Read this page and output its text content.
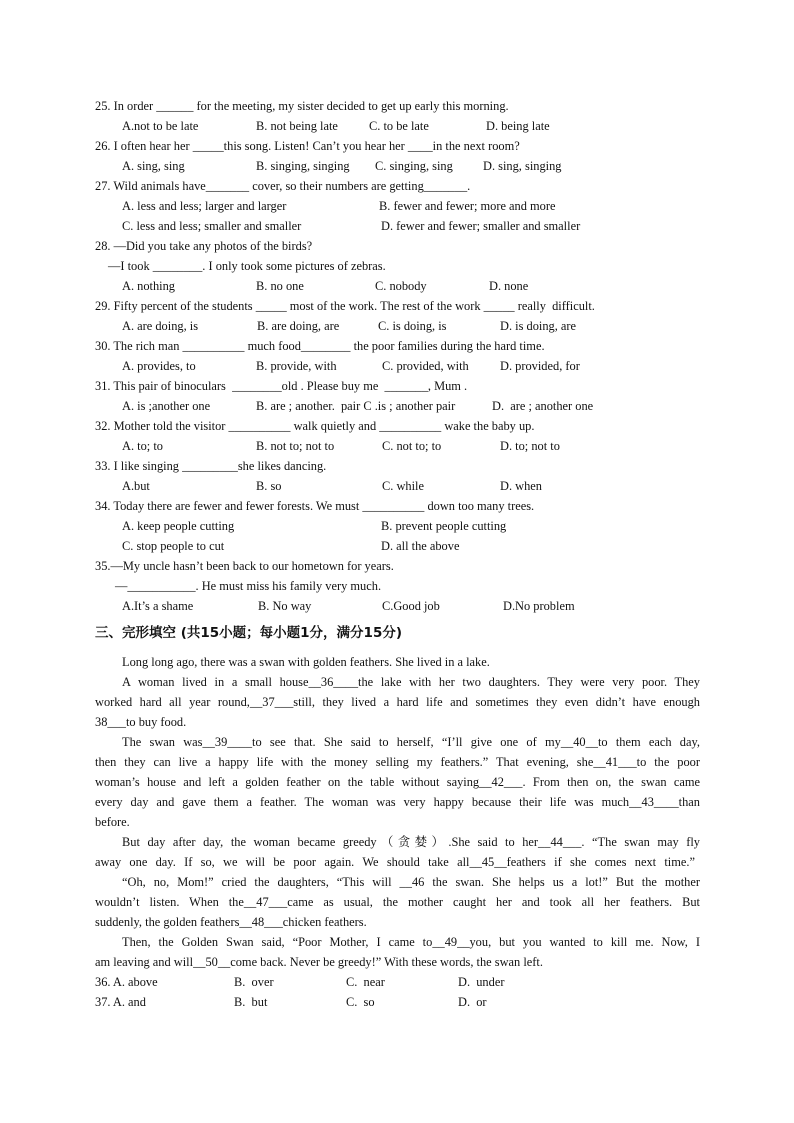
25. In order ______ for the meeting, my sister decided to get up early this morning.
A.not to be late	B. not being late	C. to be late	D. being late
26. I often hear her _____this song. Listen! Can’t you hear her ____in the next room?
A. sing, sing	B. singing, singing C. singing, sing D. sing, singing
27. Wild animals have_______ cover, so their numbers are getting_______.
A. less and less; larger and larger	B. fewer and fewer; more and more
C. less and less; smaller and smaller	D. fewer and fewer; smaller and smaller
28. —Did you take any photos of the birds?
—I took ________. I only took some pictures of zebras.
A. nothing	B. no one	C. nobody	D. none
29. Fifty percent of the students _____ most of the work. The rest of the work _____ really  difficult.
A. are doing, is	B. are doing, are	C. is doing, is	D. is doing, are
30. The rich man __________ much food________ the poor families during the hard time.
A. provides, to	B. provide, with	C. provided, with	D. provided, for
31. This pair of binoculars  ________old . Please buy me  _______, Mum .
A. is ;another one	B. are ; another.  pair C .is ; another pair	D.  are ; another one
32. Mother told the visitor __________ walk quietly and __________ wake the baby up.
A. to; to	B. not to; not to	C. not to; to	D. to; not to
33. I like singing _________she likes dancing.
A.but	B. so	C. while	D. when
34. Today there are fewer and fewer forests. We must __________ down too many trees.
A. keep people cutting	B. prevent people cutting
C. stop people to cut	D. all the above
35.—My uncle hasn’t been back to our hometown for years.
—___________. He must miss his family very much.
A.It’s a shame	B. No way	C.Good job	D.No problem
三、完形填空 (共15小题；每小题1分，满分15分)
Long long ago, there was a swan with golden feathers. She lived in a lake.
A woman lived in a small house__36____the lake with her two daughters. They were very poor. They
worked hard all year round,__37___still, they lived a hard life and sometimes they even didn’t have enough
38___to buy food.
The swan was__39____to see that. She said to herself, “I’ll give one of my__40__to them each day,
then they can live a happy life with the money selling my feathers.” That evening, she__41___to the poor
woman’s house and left a golden feather on the table without saying__42___. From then on, the swan came
every day and gave them a feather. The woman was very happy because their life was much__43____than
before.
But day after day, the woman became greedy（贪婪）.She said to her__44___. “The swan may fly
away one day. If so, we will be poor again. We should take all__45__feathers if she comes next time.”
“Oh, no, Mom!” cried the daughters, “This will __46 the swan. She helps us a lot!” But the mother
wouldn’t listen. When the__47___came as usual, the mother caught her and took all her feathers. But
suddenly, the golden feathers__48___chicken feathers.
Then, the Golden Swan said, “Poor Mother, I came to__49__you, but you wanted to kill me. Now, I
am leaving and will__50__come back. Never be greedy!” With these words, the swan left.
36. A. above	B.  over	C.  near	D.  under
37. A. and	B.  but	C.  so	D.  or
